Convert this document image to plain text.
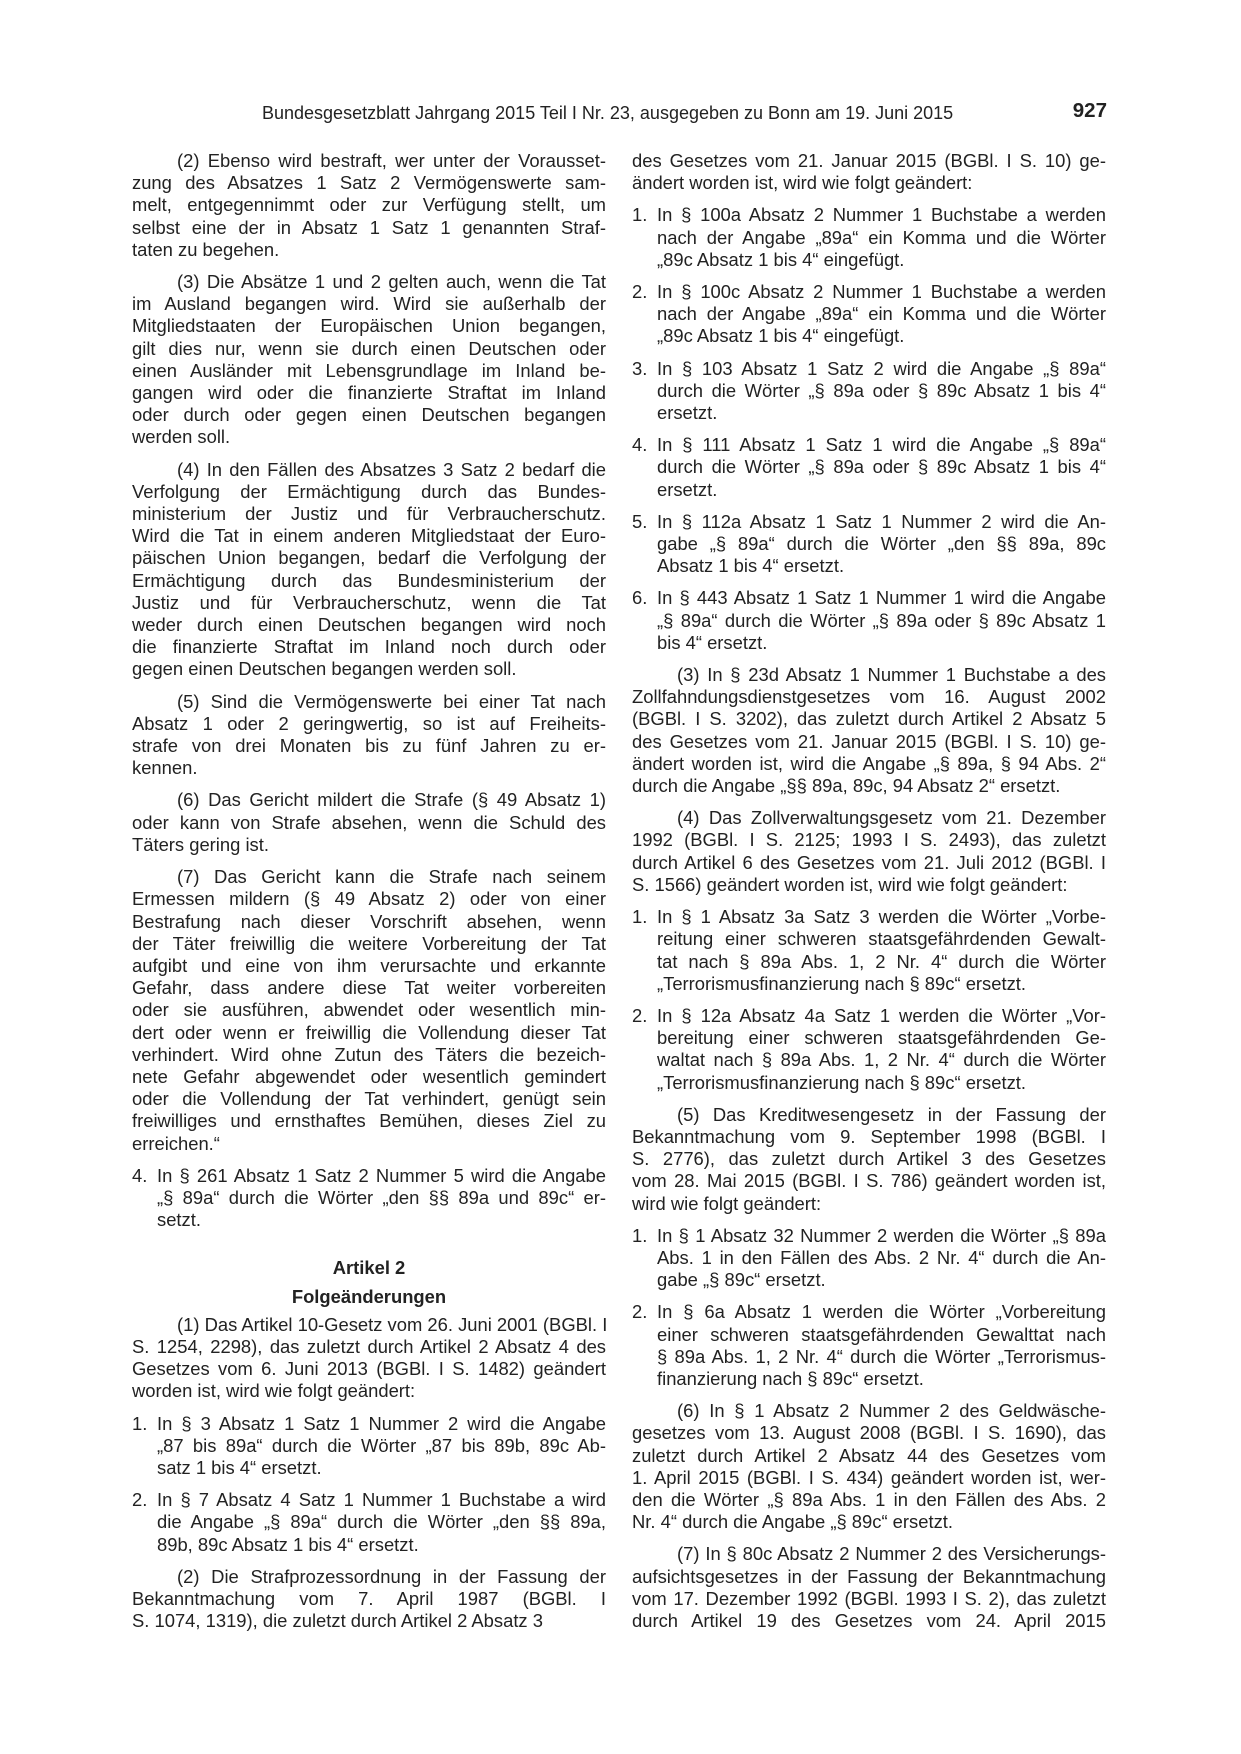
Bundesgesetzblatt Jahrgang 2015 Teil I Nr. 23, ausgegeben zu Bonn am 19. Juni 2015	927
(2) Ebenso wird bestraft, wer unter der Vorausset-
zung des Absatzes 1 Satz 2 Vermögenswerte sam-
melt, entgegennimmt oder zur Verfügung stellt, um
selbst eine der in Absatz 1 Satz 1 genannten Straf-
taten zu begehen.
(3) Die Absätze 1 und 2 gelten auch, wenn die Tat
im Ausland begangen wird. Wird sie außerhalb der
Mitgliedstaaten der Europäischen Union begangen,
gilt dies nur, wenn sie durch einen Deutschen oder
einen Ausländer mit Lebensgrundlage im Inland be-
gangen wird oder die finanzierte Straftat im Inland
oder durch oder gegen einen Deutschen begangen
werden soll.
(4) In den Fällen des Absatzes 3 Satz 2 bedarf die
Verfolgung der Ermächtigung durch das Bundes-
ministerium der Justiz und für Verbraucherschutz.
Wird die Tat in einem anderen Mitgliedstaat der Euro-
päischen Union begangen, bedarf die Verfolgung der
Ermächtigung durch das Bundesministerium der
Justiz und für Verbraucherschutz, wenn die Tat
weder durch einen Deutschen begangen wird noch
die finanzierte Straftat im Inland noch durch oder
gegen einen Deutschen begangen werden soll.
(5) Sind die Vermögenswerte bei einer Tat nach
Absatz 1 oder 2 geringwertig, so ist auf Freiheits-
strafe von drei Monaten bis zu fünf Jahren zu er-
kennen.
(6) Das Gericht mildert die Strafe (§ 49 Absatz 1)
oder kann von Strafe absehen, wenn die Schuld des
Täters gering ist.
(7) Das Gericht kann die Strafe nach seinem
Ermessen mildern (§ 49 Absatz 2) oder von einer
Bestrafung nach dieser Vorschrift absehen, wenn
der Täter freiwillig die weitere Vorbereitung der Tat
aufgibt und eine von ihm verursachte und erkannte
Gefahr, dass andere diese Tat weiter vorbereiten
oder sie ausführen, abwendet oder wesentlich min-
dert oder wenn er freiwillig die Vollendung dieser Tat
verhindert. Wird ohne Zutun des Täters die bezeich-
nete Gefahr abgewendet oder wesentlich gemindert
oder die Vollendung der Tat verhindert, genügt sein
freiwilliges und ernsthaftes Bemühen, dieses Ziel zu
erreichen.“
4. In § 261 Absatz 1 Satz 2 Nummer 5 wird die Angabe
„§ 89a“ durch die Wörter „den §§ 89a und 89c“ er-
setzt.
Artikel 2
Folgeänderungen
(1) Das Artikel 10-Gesetz vom 26. Juni 2001 (BGBl. I
S. 1254, 2298), das zuletzt durch Artikel 2 Absatz 4 des
Gesetzes vom 6. Juni 2013 (BGBl. I S. 1482) geändert
worden ist, wird wie folgt geändert:
1. In § 3 Absatz 1 Satz 1 Nummer 2 wird die Angabe
„87 bis 89a“ durch die Wörter „87 bis 89b, 89c Ab-
satz 1 bis 4“ ersetzt.
2. In § 7 Absatz 4 Satz 1 Nummer 1 Buchstabe a wird
die Angabe „§ 89a“ durch die Wörter „den §§ 89a,
89b, 89c Absatz 1 bis 4“ ersetzt.
(2) Die Strafprozessordnung in der Fassung der
Bekanntmachung vom 7. April 1987 (BGBl. I
S. 1074, 1319), die zuletzt durch Artikel 2 Absatz 3
des Gesetzes vom 21. Januar 2015 (BGBl. I S. 10) ge-
ändert worden ist, wird wie folgt geändert:
1. In § 100a Absatz 2 Nummer 1 Buchstabe a werden
nach der Angabe „89a“ ein Komma und die Wörter
„89c Absatz 1 bis 4“ eingefügt.
2. In § 100c Absatz 2 Nummer 1 Buchstabe a werden
nach der Angabe „89a“ ein Komma und die Wörter
„89c Absatz 1 bis 4“ eingefügt.
3. In § 103 Absatz 1 Satz 2 wird die Angabe „§ 89a“
durch die Wörter „§ 89a oder § 89c Absatz 1 bis 4“
ersetzt.
4. In § 111 Absatz 1 Satz 1 wird die Angabe „§ 89a“
durch die Wörter „§ 89a oder § 89c Absatz 1 bis 4“
ersetzt.
5. In § 112a Absatz 1 Satz 1 Nummer 2 wird die An-
gabe „§ 89a“ durch die Wörter „den §§ 89a, 89c
Absatz 1 bis 4“ ersetzt.
6. In § 443 Absatz 1 Satz 1 Nummer 1 wird die Angabe
„§ 89a“ durch die Wörter „§ 89a oder § 89c Absatz 1
bis 4“ ersetzt.
(3) In § 23d Absatz 1 Nummer 1 Buchstabe a des
Zollfahndungsdienstgesetzes vom 16. August 2002
(BGBl. I S. 3202), das zuletzt durch Artikel 2 Absatz 5
des Gesetzes vom 21. Januar 2015 (BGBl. I S. 10) ge-
ändert worden ist, wird die Angabe „§ 89a, § 94 Abs. 2“
durch die Angabe „§§ 89a, 89c, 94 Absatz 2“ ersetzt.
(4) Das Zollverwaltungsgesetz vom 21. Dezember
1992 (BGBl. I S. 2125; 1993 I S. 2493), das zuletzt
durch Artikel 6 des Gesetzes vom 21. Juli 2012 (BGBl. I
S. 1566) geändert worden ist, wird wie folgt geändert:
1. In § 1 Absatz 3a Satz 3 werden die Wörter „Vorbe-
reitung einer schweren staatsgefährdenden Gewalt-
tat nach § 89a Abs. 1, 2 Nr. 4“ durch die Wörter
„Terrorismusfinanzierung nach § 89c“ ersetzt.
2. In § 12a Absatz 4a Satz 1 werden die Wörter „Vor-
bereitung einer schweren staatsgefährdenden Ge-
waltat nach § 89a Abs. 1, 2 Nr. 4“ durch die Wörter
„Terrorismusfinanzierung nach § 89c“ ersetzt.
(5) Das Kreditwesengesetz in der Fassung der
Bekanntmachung vom 9. September 1998 (BGBl. I
S. 2776), das zuletzt durch Artikel 3 des Gesetzes
vom 28. Mai 2015 (BGBl. I S. 786) geändert worden ist,
wird wie folgt geändert:
1. In § 1 Absatz 32 Nummer 2 werden die Wörter „§ 89a
Abs. 1 in den Fällen des Abs. 2 Nr. 4“ durch die An-
gabe „§ 89c“ ersetzt.
2. In § 6a Absatz 1 werden die Wörter „Vorbereitung
einer schweren staatsgefährdenden Gewalttat nach
§ 89a Abs. 1, 2 Nr. 4“ durch die Wörter „Terrorismus-
finanzierung nach § 89c“ ersetzt.
(6) In § 1 Absatz 2 Nummer 2 des Geldwäsche-
gesetzes vom 13. August 2008 (BGBl. I S. 1690), das
zuletzt durch Artikel 2 Absatz 44 des Gesetzes vom
1. April 2015 (BGBl. I S. 434) geändert worden ist, wer-
den die Wörter „§ 89a Abs. 1 in den Fällen des Abs. 2
Nr. 4“ durch die Angabe „§ 89c“ ersetzt.
(7) In § 80c Absatz 2 Nummer 2 des Versicherungs-
aufsichtsgesetzes in der Fassung der Bekanntmachung
vom 17. Dezember 1992 (BGBl. 1993 I S. 2), das zuletzt
durch Artikel 19 des Gesetzes vom 24. April 2015
